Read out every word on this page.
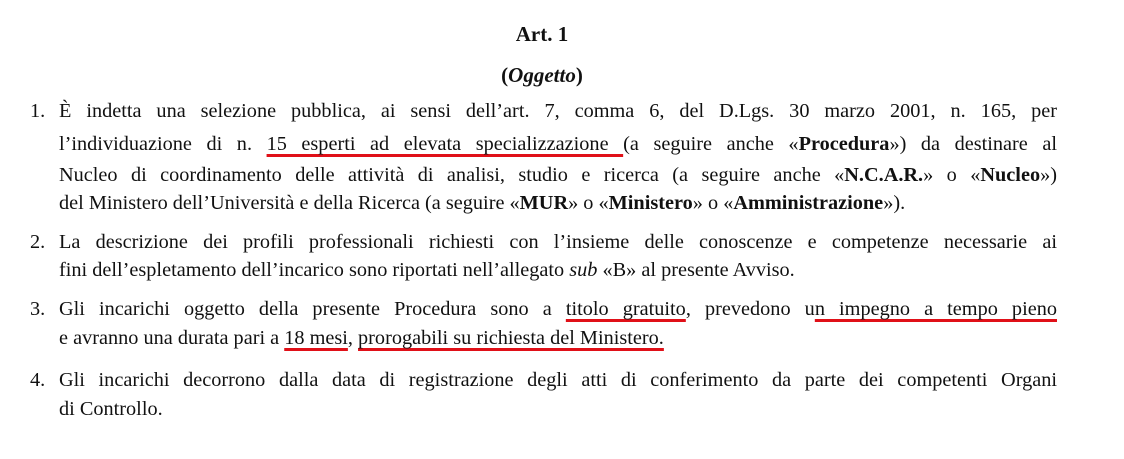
Art. 1
(Oggetto)
1. È indetta una selezione pubblica, ai sensi dell’art. 7, comma 6, del D.Lgs. 30 marzo 2001, n. 165, per
l’individuazione di n. 15 esperti ad elevata specializzazione (a seguire anche «Procedura») da destinare al
Nucleo di coordinamento delle attività di analisi, studio e ricerca (a seguire anche «N.C.A.R.» o «Nucleo»)
del Ministero dell’Università e della Ricerca (a seguire «MUR» o «Ministero» o «Amministrazione»).
2. La descrizione dei profili professionali richiesti con l’insieme delle conoscenze e competenze necessarie ai
fini dell’espletamento dell’incarico sono riportati nell’allegato sub «B» al presente Avviso.
3. Gli incarichi oggetto della presente Procedura sono a titolo gratuito, prevedono un impegno a tempo pieno
e avranno una durata pari a 18 mesi, prorogabili su richiesta del Ministero.
4. Gli incarichi decorrono dalla data di registrazione degli atti di conferimento da parte dei competenti Organi
di Controllo.
